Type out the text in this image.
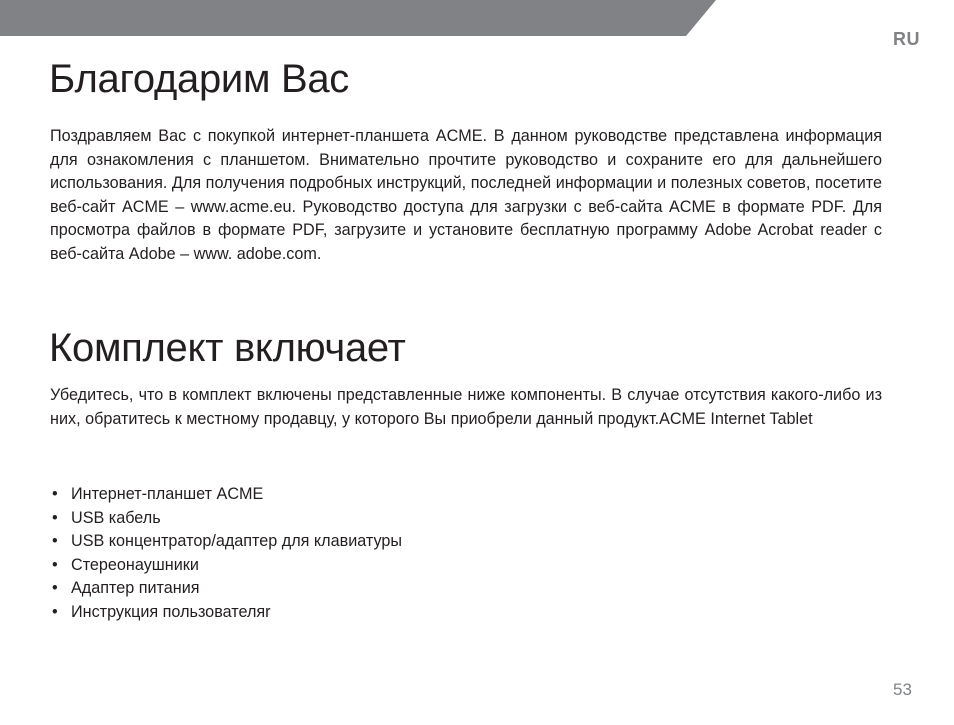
RU
Благодарим Вас

Поздравляем Вас с покупкой интернет-планшета ACME. В данном руководстве представлена информация для ознакомления с планшетом. Внимательно прочтите руководство и сохраните его для дальнейшего использования. Для получения подробных инструкций, последней информации и полезных советов, посетите веб-сайт ACME – www.acme.eu. Руководство доступа для загрузки с веб-сайта ACME в формате PDF. Для просмотра файлов в формате PDF, загрузите и установите бесплатную программу Adobe Acrobat reader с веб-сайта Adobe – www. adobe.com.

Комплект включает

Убедитесь, что в комплект включены представленные ниже компоненты. В случае отсутствия какого-либо из них, обратитесь к местному продавцу, у которого Вы приобрели данный продукт.ACME Internet Tablet

• Интернет-планшет ACME
• USB кабель
• USB концентратор/адаптер для клавиатуры
• Стереонаушники
• Адаптер питания
• Инструкция пользователяr
53
